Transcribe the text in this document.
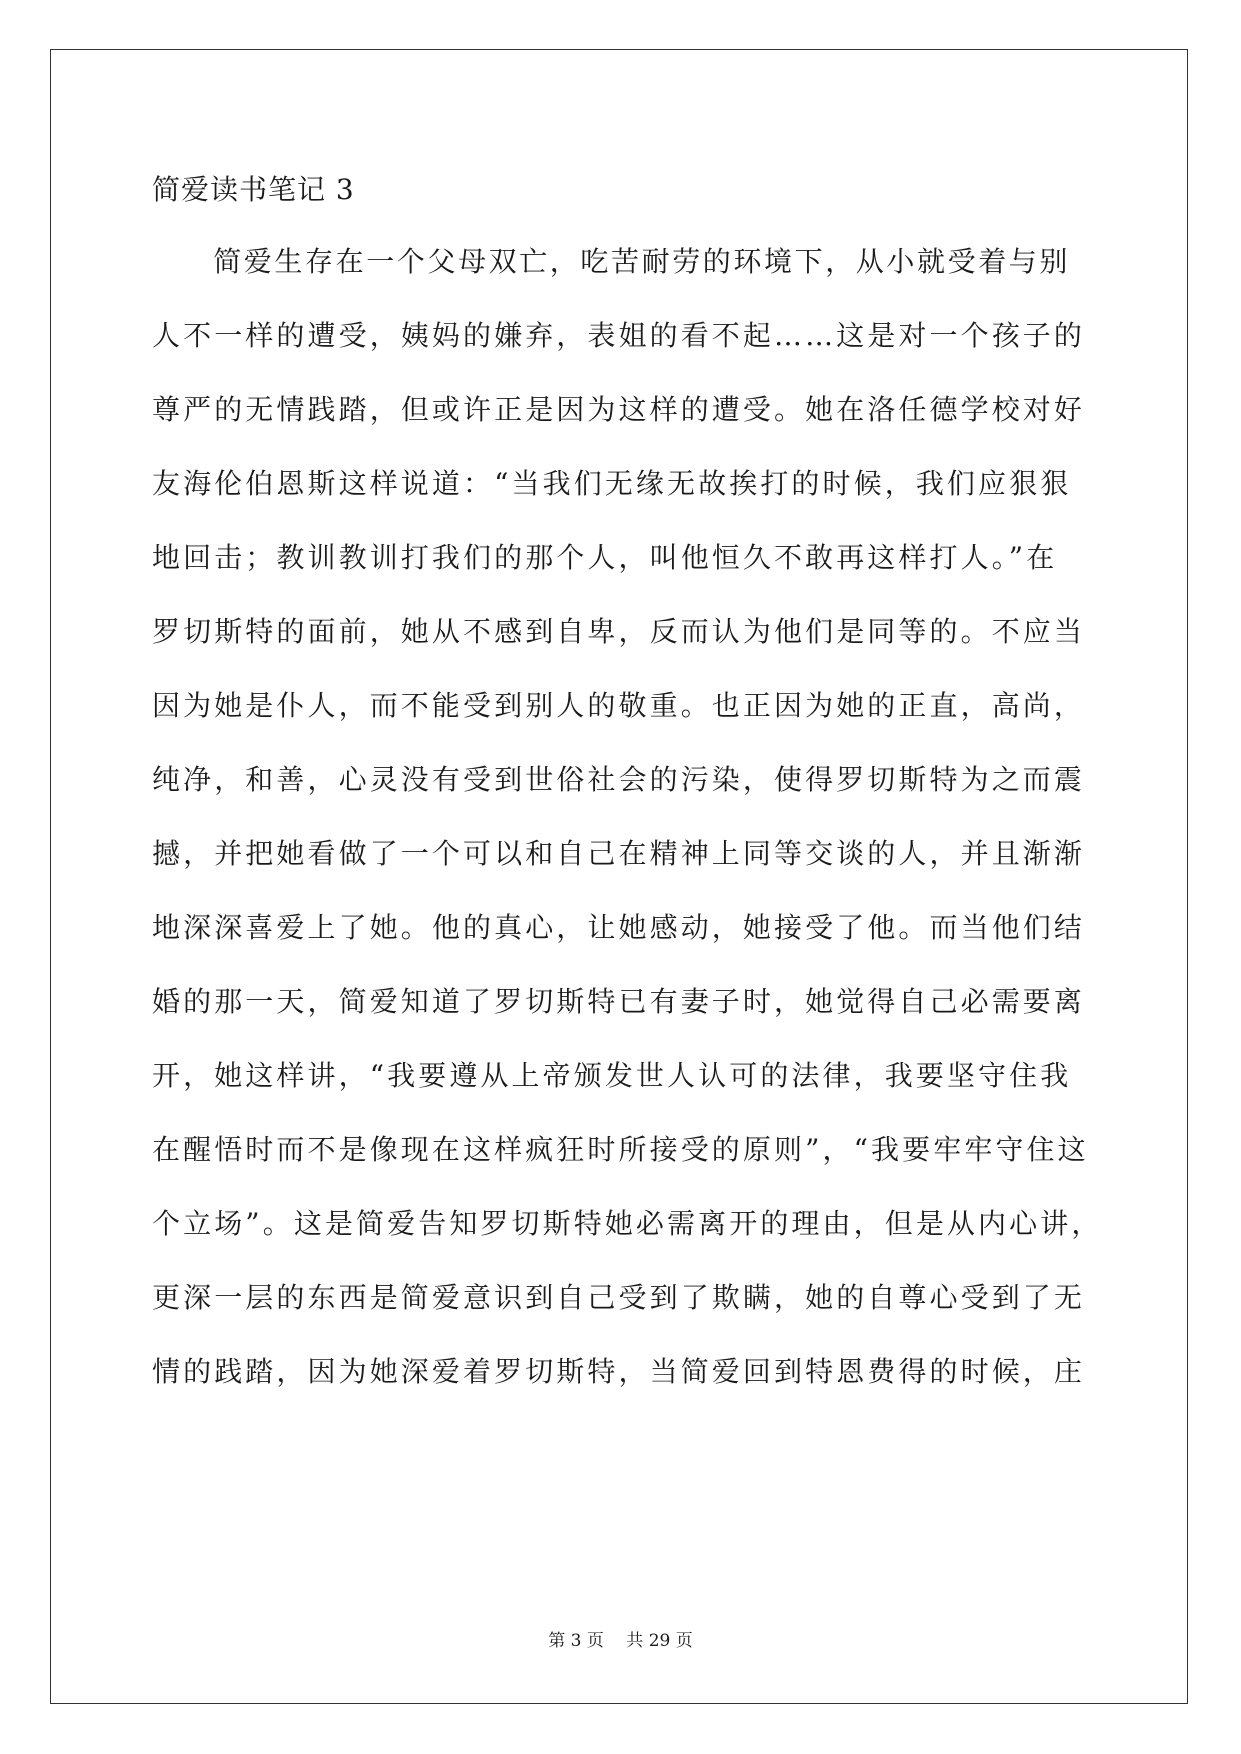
简爱读书笔记 3
　　简爱生存在一个父母双亡，吃苦耐劳的环境下，从小就受着与别
人不一样的遭受，姨妈的嫌弃，表姐的看不起……这是对一个孩子的
尊严的无情践踏，但或许正是因为这样的遭受。她在洛任德学校对好
友海伦伯恩斯这样说道：“当我们无缘无故挨打的时候，我们应狠狠
地回击；教训教训打我们的那个人，叫他恒久不敢再这样打人。”在
罗切斯特的面前，她从不感到自卑，反而认为他们是同等的。不应当
因为她是仆人，而不能受到别人的敬重。也正因为她的正直，高尚，
纯净，和善，心灵没有受到世俗社会的污染，使得罗切斯特为之而震
撼，并把她看做了一个可以和自己在精神上同等交谈的人，并且渐渐
地深深喜爱上了她。他的真心，让她感动，她接受了他。而当他们结
婚的那一天，简爱知道了罗切斯特已有妻子时，她觉得自己必需要离
开，她这样讲，“我要遵从上帝颁发世人认可的法律，我要坚守住我
在醒悟时而不是像现在这样疯狂时所接受的原则”，“我要牢牢守住这
个立场”。这是简爱告知罗切斯特她必需离开的理由，但是从内心讲，
更深一层的东西是简爱意识到自己受到了欺瞒，她的自尊心受到了无
情的践踏，因为她深爱着罗切斯特，当简爱回到特恩费得的时候，庄
第 3 页　 共 29 页
